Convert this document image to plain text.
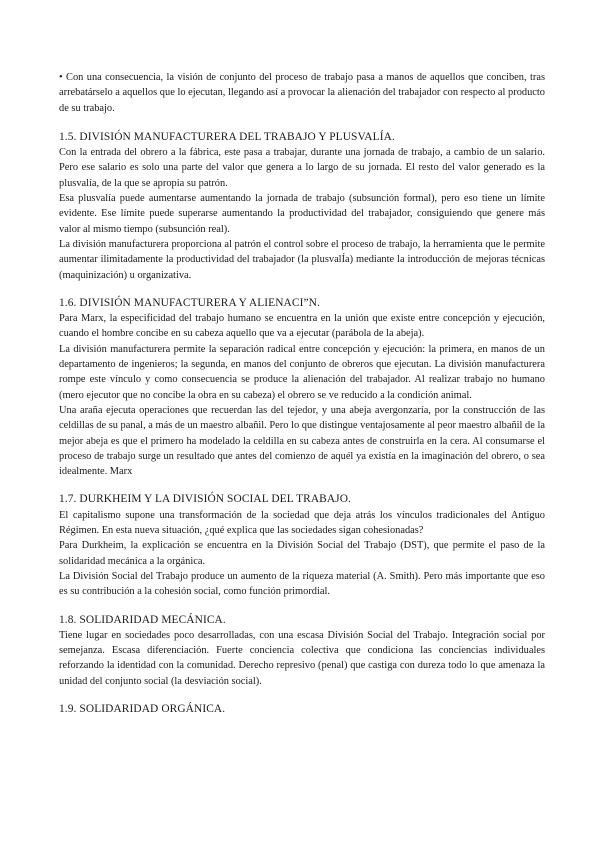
• Con una consecuencia, la visión de conjunto del proceso de trabajo pasa a manos de aquellos que conciben, tras arrebatárselo a aquellos que lo ejecutan, llegando así a provocar la alienación del trabajador con respecto al producto de su trabajo.

1.5. DIVISIÓN MANUFACTURERA DEL TRABAJO Y PLUSVALÍA.

Con la entrada del obrero a la fábrica, este pasa a trabajar, durante una jornada de trabajo, a cambio de un salario. Pero ese salario es solo una parte del valor que genera a lo largo de su jornada. El resto del valor generado es la plusvalía, de la que se apropia su patrón.

Esa plusvalía puede aumentarse aumentando la jornada de trabajo (subsunción formal), pero eso tiene un límite evidente. Ese límite puede superarse aumentando la productividad del trabajador, consiguiendo que genere más valor al mismo tiempo (subsunción real).

La división manufacturera proporciona al patrón el control sobre el proceso de trabajo, la herramienta que le permite aumentar ilimitadamente la productividad del trabajador (la plusvalÍa) mediante la introducción de mejoras técnicas (maquinización) u organizativa.

1.6. DIVISIÓN MANUFACTURERA Y ALIENACI”N.

Para Marx, la especificidad del trabajo humano se encuentra en la unión que existe entre concepción y ejecución, cuando el hombre concibe en su cabeza aquello que va a ejecutar (parábola de la abeja).

La división manufacturera permite la separación radical entre concepción y ejecución: la primera, en manos de un departamento de ingenieros; la segunda, en manos del conjunto de obreros que ejecutan. La división manufacturera rompe este vínculo y como consecuencia se produce la alienación del trabajador. Al realizar trabajo no humano (mero ejecutor que no concibe la obra en su cabeza) el obrero se ve reducido a la condición animal.

Una araña ejecuta operaciones que recuerdan las del tejedor, y una abeja avergonzaría, por la construcción de las celdillas de su panal, a más de un maestro albañil. Pero lo que distingue ventajosamente al peor maestro albañil de la mejor abeja es que el primero ha modelado la celdilla en su cabeza antes de construirla en la cera. Al consumarse el proceso de trabajo surge un resultado que antes del comienzo de aquél ya existía en la imaginación del obrero, o sea idealmente. Marx

1.7. DURKHEIM Y LA DIVISIÓN SOCIAL DEL TRABAJO.

El capitalismo supone una transformación de la sociedad que deja atrás los vínculos tradicionales del Antiguo Régimen. En esta nueva situación, ¿qué explica que las sociedades sigan cohesionadas?

Para Durkheim, la explicación se encuentra en la División Social del Trabajo (DST), que permite el paso de la solidaridad mecánica a la orgánica.

La División Social del Trabajo produce un aumento de la riqueza material (A. Smith). Pero más importante que eso es su contribución a la cohesión social, como función primordial.

1.8. SOLIDARIDAD MECÁNICA.

Tiene lugar en sociedades poco desarrolladas, con una escasa División Social del Trabajo. Integración social por semejanza. Escasa diferenciación. Fuerte conciencia colectiva que condiciona las conciencias individuales reforzando la identidad con la comunidad. Derecho represivo (penal) que castiga con dureza todo lo que amenaza la unidad del conjunto social (la desviación social).

1.9. SOLIDARIDAD ORGÁNICA.
